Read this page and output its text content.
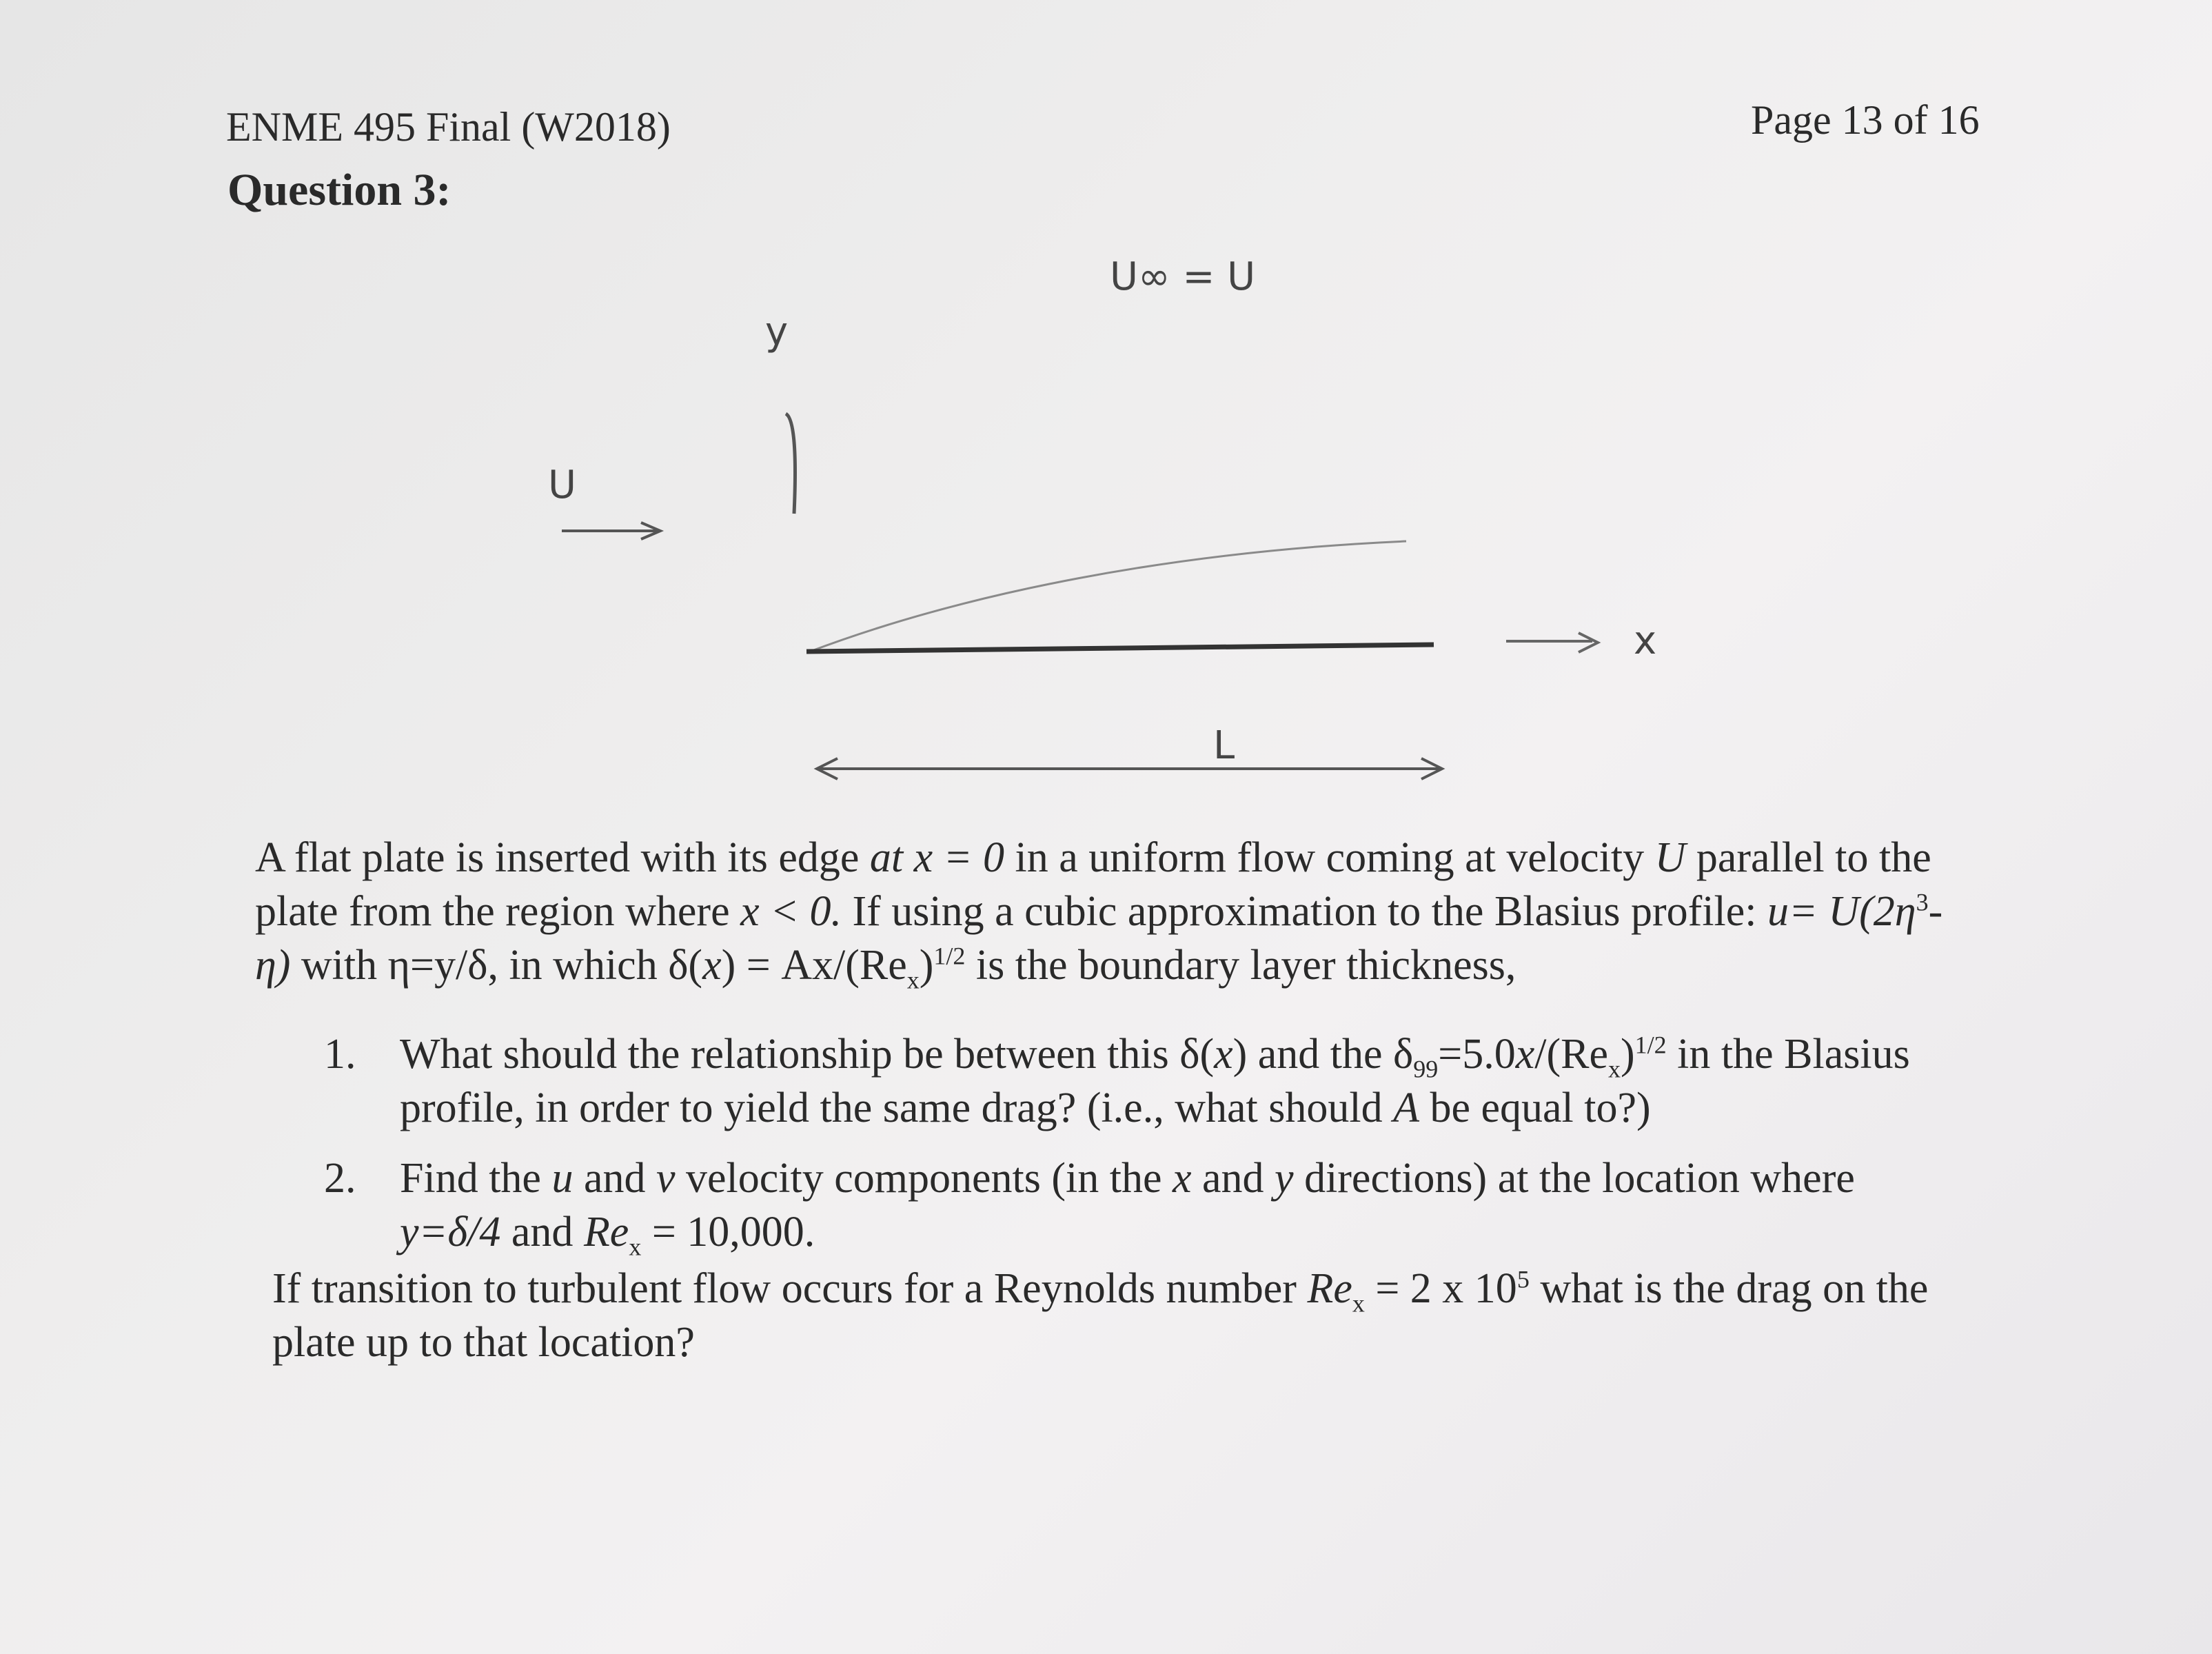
ENME 495 Final (W2018)	Page 13 of 16
Question 3:
U∞ = U
y
U
x
L

A flat plate is inserted with its edge at x = 0 in a uniform flow coming at velocity U parallel to the plate from the region where x < 0. If using a cubic approximation to the Blasius profile: $u= U(2\eta^3-$ η) with η=y/δ, in which $\delta(x) = Ax/(Re_x)^{1/2}$ is the boundary layer thickness,

1.	What should the relationship be between this δ(x) and the $\delta_{99}=5.0x/(Re_x)^{1/2}$ in the Blasius profile, in order to yield the same drag? (i.e., what should A be equal to?)
2.	Find the u and v velocity components (in the x and y directions) at the location where y=δ/4 and $Re_x = 10,000$.
If transition to turbulent flow occurs for a Reynolds number $Re_x = 2$ x $10^5$ what is the drag on the plate up to that location?
